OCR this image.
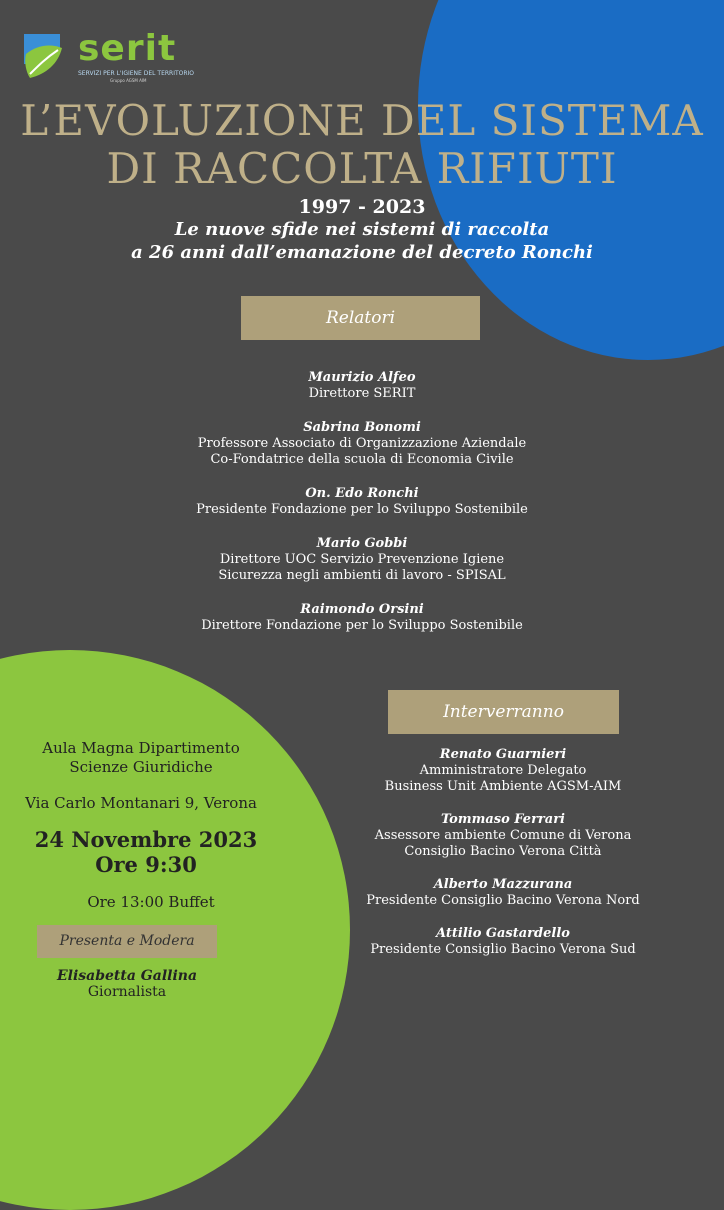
serit
SERVIZI PER L'IGIENE DEL TERRITORIO
Gruppo AGSM AIM
L’EVOLUZIONE DEL SISTEMA
DI RACCOLTA RIFIUTI
1997 - 2023
Le nuove sfide nei sistemi di raccolta
a 26 anni dall’emanazione del decreto Ronchi
Relatori
Maurizio Alfeo
Direttore SERIT
Sabrina Bonomi
Professore Associato di Organizzazione Aziendale
Co-Fondatrice della scuola di Economia Civile
On. Edo Ronchi
Presidente Fondazione per lo Sviluppo Sostenibile
Mario Gobbi
Direttore UOC Servizio Prevenzione Igiene
Sicurezza negli ambienti di lavoro - SPISAL
Raimondo Orsini
Direttore Fondazione per lo Sviluppo Sostenibile
Interverranno
Renato Guarnieri
Amministratore Delegato
Business Unit Ambiente AGSM-AIM
Tommaso Ferrari
Assessore ambiente Comune di Verona
Consiglio Bacino Verona Città
Alberto Mazzurana
Presidente Consiglio Bacino Verona Nord
Attilio Gastardello
Presidente Consiglio Bacino Verona Sud
Aula Magna Dipartimento
Scienze Giuridiche
Via Carlo Montanari 9, Verona
24 Novembre 2023
Ore 9:30
Ore 13:00 Buffet
Presenta e Modera
Elisabetta Gallina
Giornalista
